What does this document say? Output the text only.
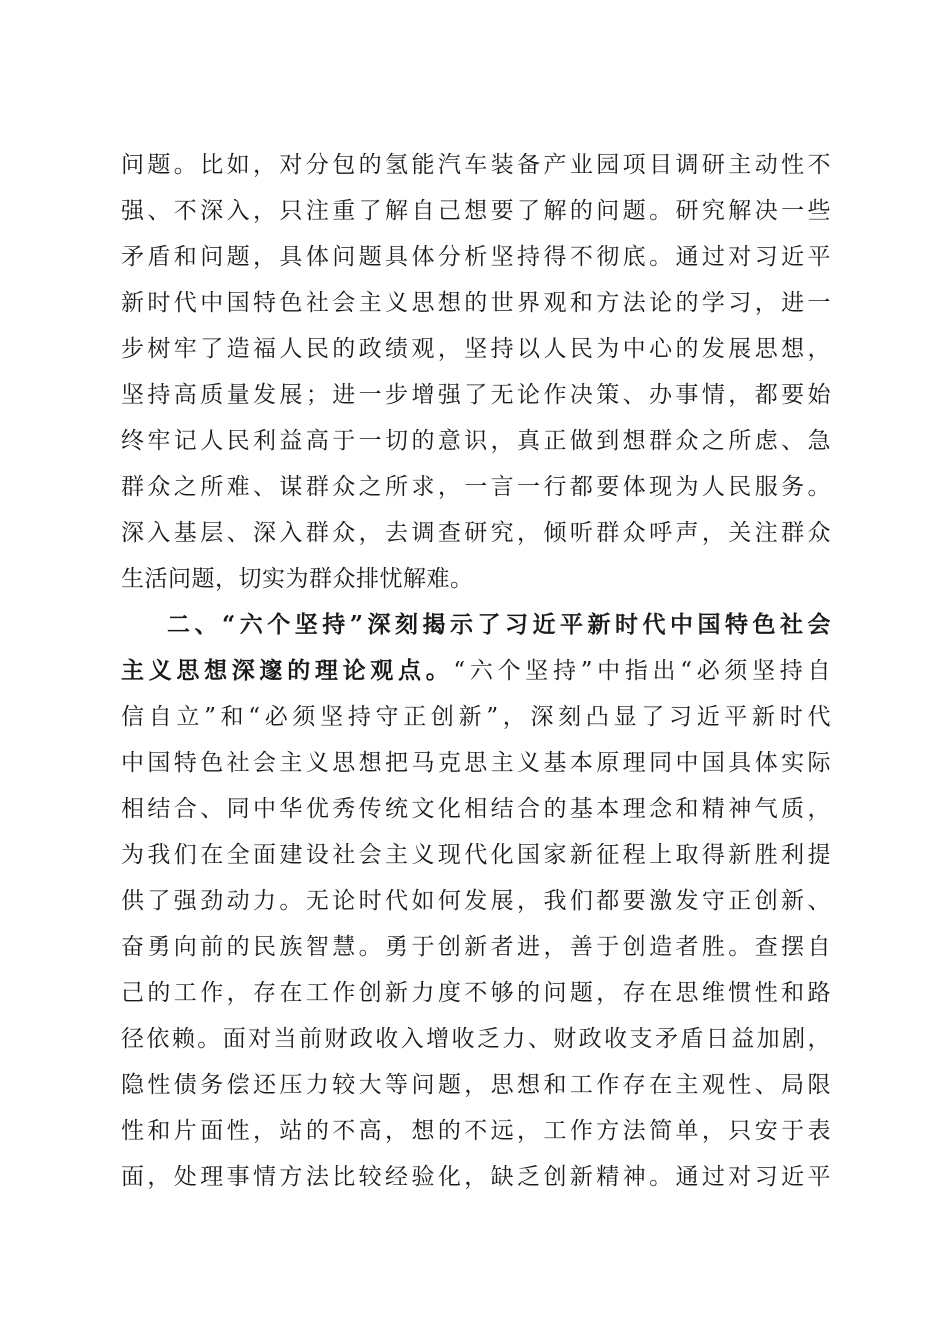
问题。比如，对分包的氢能汽车装备产业园项目调研主动性不
强、不深入，只注重了解自己想要了解的问题。研究解决一些
矛盾和问题，具体问题具体分析坚持得不彻底。通过对习近平
新时代中国特色社会主义思想的世界观和方法论的学习，进一
步树牢了造福人民的政绩观，坚持以人民为中心的发展思想，
坚持高质量发展；进一步增强了无论作决策、办事情，都要始
终牢记人民利益高于一切的意识，真正做到想群众之所虑、急
群众之所难、谋群众之所求，一言一行都要体现为人民服务。
深入基层、深入群众，去调查研究，倾听群众呼声，关注群众
生活问题，切实为群众排忧解难。
二、“六个坚持”深刻揭示了习近平新时代中国特色社会
主义思想深邃的理论观点。“六个坚持”中指出“必须坚持自
信自立”和“必须坚持守正创新”，深刻凸显了习近平新时代
中国特色社会主义思想把马克思主义基本原理同中国具体实际
相结合、同中华优秀传统文化相结合的基本理念和精神气质，
为我们在全面建设社会主义现代化国家新征程上取得新胜利提
供了强劲动力。无论时代如何发展，我们都要激发守正创新、
奋勇向前的民族智慧。勇于创新者进，善于创造者胜。查摆自
己的工作，存在工作创新力度不够的问题，存在思维惯性和路
径依赖。面对当前财政收入增收乏力、财政收支矛盾日益加剧，
隐性债务偿还压力较大等问题，思想和工作存在主观性、局限
性和片面性，站的不高，想的不远，工作方法简单，只安于表
面，处理事情方法比较经验化，缺乏创新精神。通过对习近平
